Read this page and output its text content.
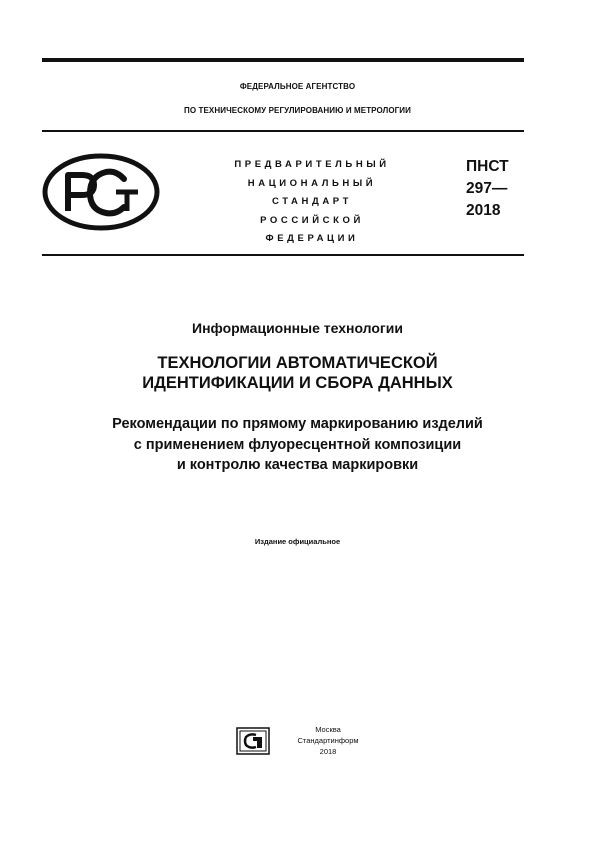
ФЕДЕРАЛЬНОЕ АГЕНТСТВО
ПО ТЕХНИЧЕСКОМУ РЕГУЛИРОВАНИЮ И МЕТРОЛОГИИ
ПРЕДВАРИТЕЛЬНЫЙ
НАЦИОНАЛЬНЫЙ
СТАНДАРТ
РОССИЙСКОЙ
ФЕДЕРАЦИИ
ПНСТ
297—
2018
Информационные технологии
ТЕХНОЛОГИИ АВТОМАТИЧЕСКОЙ
ИДЕНТИФИКАЦИИ И СБОРА ДАННЫХ
Рекомендации по прямому маркированию изделий
с применением флуоресцентной композиции
и контролю качества маркировки
Издание официальное
Москва
Стандартинформ
2018
